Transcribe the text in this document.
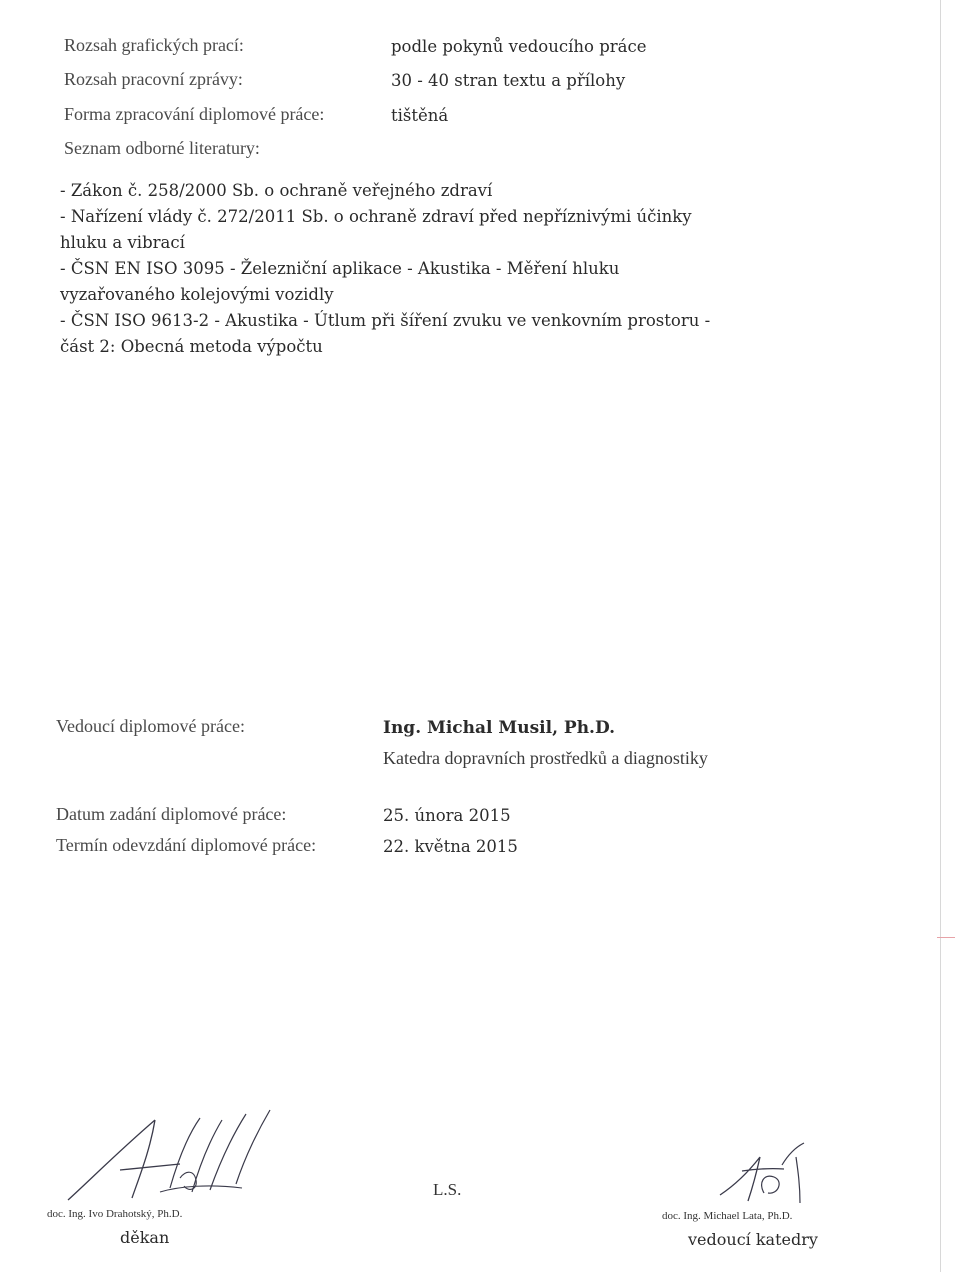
Rozsah grafických prací:	podle pokynů vedoucího práce
Rozsah pracovní zprávy:	30 - 40 stran textu a přílohy
Forma zpracování diplomové práce:	tištěná
Seznam odborné literatury:
- Zákon č. 258/2000 Sb. o ochraně veřejného zdraví
- Nařízení vlády č. 272/2011 Sb. o ochraně zdraví před nepříznivými účinky
hluku a vibrací
- ČSN EN ISO 3095 - Železniční aplikace - Akustika - Měření hluku
vyzařovaného kolejovými vozidly
- ČSN ISO 9613-2 - Akustika - Útlum při šíření zvuku ve venkovním prostoru -
část 2: Obecná metoda výpočtu
Vedoucí diplomové práce:	Ing. Michal Musil, Ph.D.
Katedra dopravních prostředků a diagnostiky
Datum zadání diplomové práce:	25. února 2015
Termín odevzdání diplomové práce:	22. května 2015
doc. Ing. Ivo Drahotský, Ph.D.
děkan
L.S.
doc. Ing. Michael Lata, Ph.D.
vedoucí katedry
